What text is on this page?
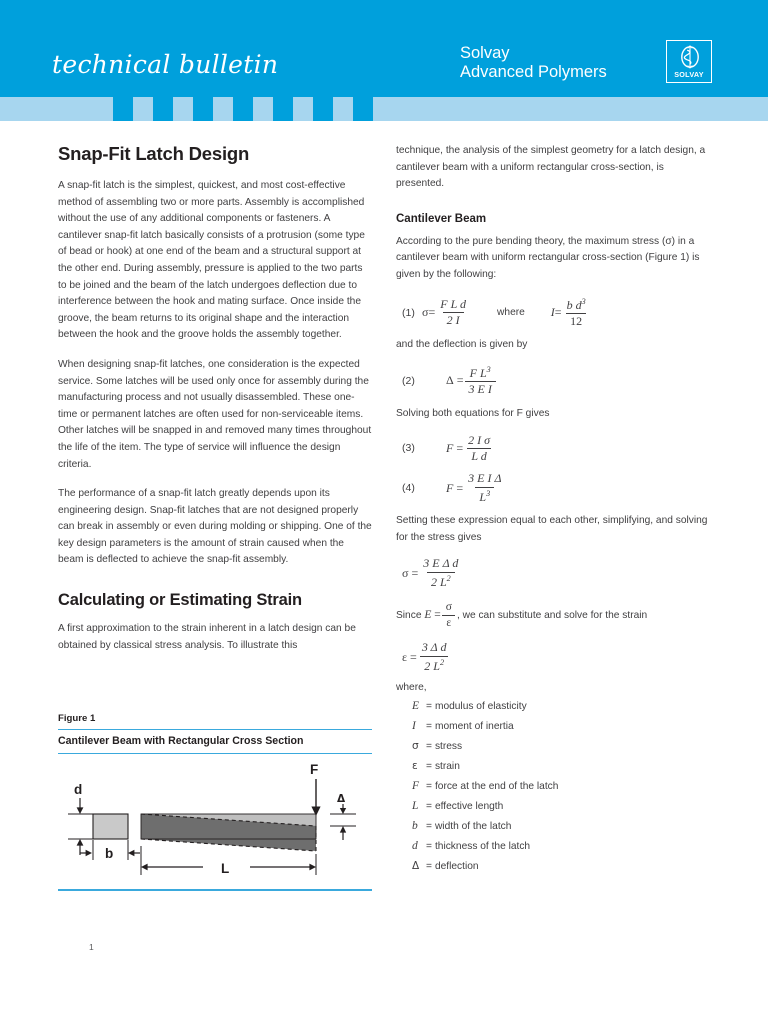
technical bulletin	Solvay
Advanced Polymers	SOLVAY
Snap-Fit Latch Design

A snap-fit latch is the simplest, quickest, and most cost-effective method of assembling two or more parts. Assembly is accomplished without the use of any additional components or fasteners. A cantilever snap-fit latch basically consists of a protrusion (some type of bead or hook) at one end of the beam and a structural support at the other end. During assembly, pressure is applied to the two parts to be joined and the beam of the latch undergoes deflection due to interference between the hook and mating surface. Once inside the groove, the beam returns to its original shape and the interaction between the hook and the groove holds the assembly together.

When designing snap-fit latches, one consideration is the expected service. Some latches will be used only once for assembly during the manufacturing process and not usually disassembled. These one-time or permanent latches are often used for non-serviceable items. Other latches will be snapped in and removed many times throughout the life of the item. The type of service will influence the design criteria.

The performance of a snap-fit latch greatly depends upon its engineering design. Snap-fit latches that are not designed properly can break in assembly or even during molding or shipping. One of the key design parameters is the amount of strain caused when the beam is deflected to achieve the snap-fit assembly.

Calculating or Estimating Strain

A first approximation to the strain inherent in a latch design can be obtained by classical stress analysis. To illustrate this

technique, the analysis of the simplest geometry for a latch design, a cantilever beam with a uniform rectangular cross-section, is presented.

Cantilever Beam

According to the pure bending theory, the maximum stress (σ) in a cantilever beam with uniform rectangular cross-section (Figure 1) is given by the following:

(1) $\sigma = \frac{\text{F L d}}{2 I}$	where $I = \frac{b d^3}{12}$

and the deflection is given by

(2)	$\Delta = \frac{F L^3}{\text{3 E I}}$

Solving both equations for F gives

(3)	$F = \frac{\text{2 I σ}}{\text{L d}}$
(4)	$F = \frac{\text{3 E I Δ}}{L^3}$

Setting these expression equal to each other, simplifying, and solving for the stress gives

$\sigma = \frac{\text{3 E Δ d}}{2 L^2}$

Since $E = \frac{\sigma}{\varepsilon}$ , we can substitute and solve for the strain

$\varepsilon = \frac{\text{3 Δ d}}{2 L^2}$
where,
E = modulus of elasticity
I = moment of inertia
σ = stress
ε = strain
F = force at the end of the latch
L = effective length
b = width of the latch
d = thickness of the latch
Δ = deflection
Figure 1
Cantilever Beam with Rectangular Cross Section
d
b
L
F
Δ
1
